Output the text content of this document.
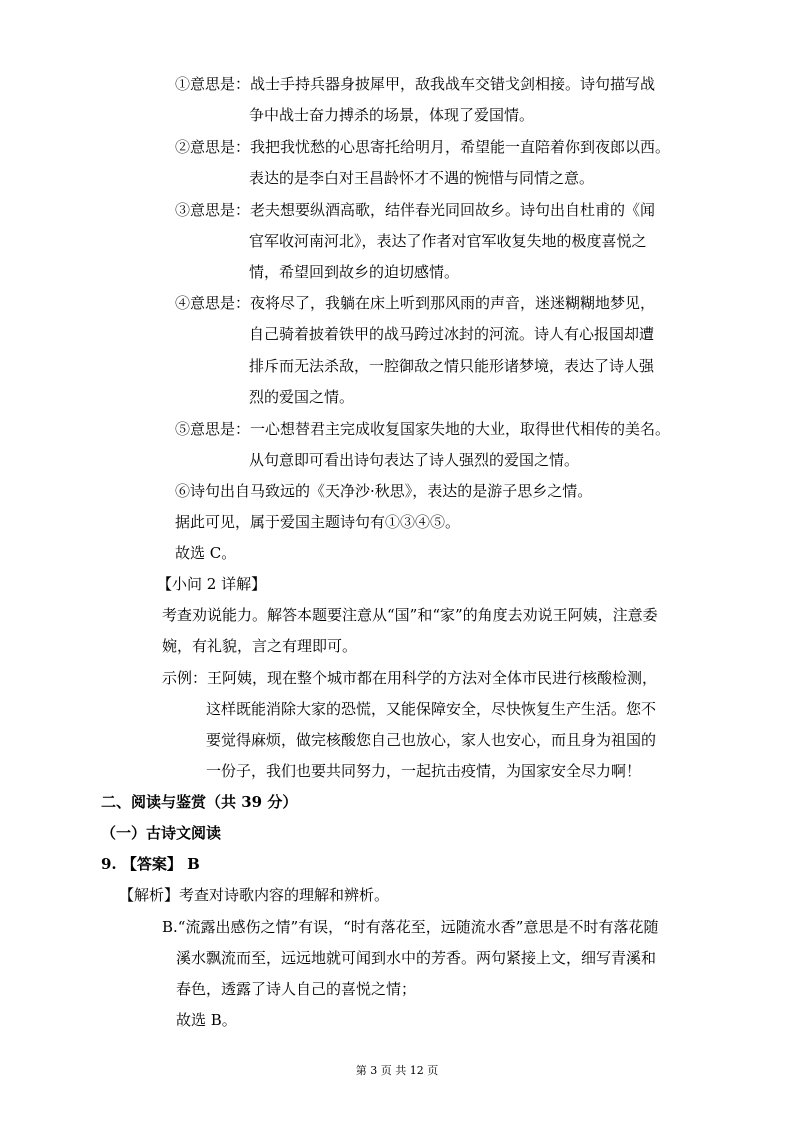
①意思是：战士手持兵器身披犀甲，敌我战车交错戈剑相接。诗句描写战
争中战士奋力搏杀的场景，体现了爱国情。
②意思是：我把我忧愁的心思寄托给明月，希望能一直陪着你到夜郎以西。
表达的是李白对王昌龄怀才不遇的惋惜与同情之意。
③意思是：老夫想要纵酒高歌，结伴春光同回故乡。诗句出自杜甫的《闻
官军收河南河北》，表达了作者对官军收复失地的极度喜悦之
情，希望回到故乡的迫切感情。
④意思是：夜将尽了，我躺在床上听到那风雨的声音，迷迷糊糊地梦见，
自己骑着披着铁甲的战马跨过冰封的河流。诗人有心报国却遭
排斥而无法杀敌，一腔御敌之情只能形诸梦境，表达了诗人强
烈的爱国之情。
⑤意思是：一心想替君主完成收复国家失地的大业，取得世代相传的美名。
从句意即可看出诗句表达了诗人强烈的爱国之情。
⑥诗句出自马致远的《天净沙·秋思》，表达的是游子思乡之情。
据此可见，属于爱国主题诗句有①③④⑤。
故选 C。
【小问 2 详解】
考查劝说能力。解答本题要注意从“国”和“家”的角度去劝说王阿姨，注意委
婉，有礼貌，言之有理即可。
示例：王阿姨，现在整个城市都在用科学的方法对全体市民进行核酸检测，
这样既能消除大家的恐慌，又能保障安全，尽快恢复生产生活。您不
要觉得麻烦，做完核酸您自己也放心，家人也安心，而且身为祖国的
一份子，我们也要共同努力，一起抗击疫情，为国家安全尽力啊！
二、阅读与鉴赏（共 39 分）
（一）古诗文阅读
9. 【答案】 B
【解析】考查对诗歌内容的理解和辨析。
B.“流露出感伤之情”有误，“时有落花至，远随流水香”意思是不时有落花随
溪水飘流而至，远远地就可闻到水中的芳香。两句紧接上文，细写青溪和
春色，透露了诗人自己的喜悦之情；
故选 B。
第 3 页 共 12 页
